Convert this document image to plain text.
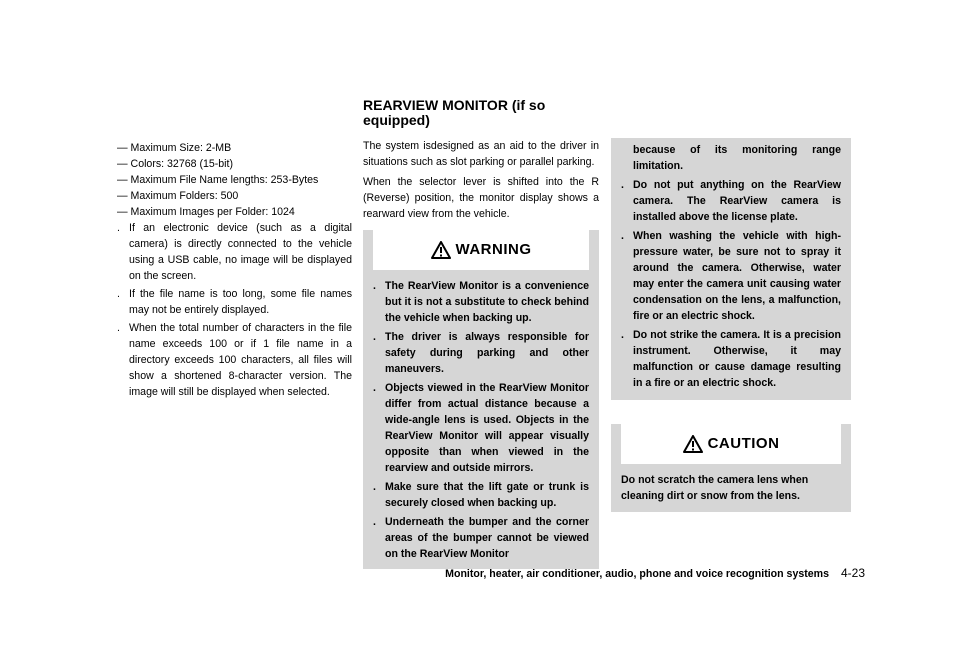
REARVIEW MONITOR (if so equipped)
— Maximum Size: 2-MB
— Colors: 32768 (15-bit)
— Maximum File Name lengths: 253-Bytes
— Maximum Folders: 500
— Maximum Images per Folder: 1024
. If an electronic device (such as a digital camera) is directly connected to the vehicle using a USB cable, no image will be displayed on the screen.
. If the file name is too long, some file names may not be entirely displayed.
. When the total number of characters in the file name exceeds 100 or if 1 file name in a directory exceeds 100 characters, all files will show a shortened 8-character version. The image will still be displayed when selected.

The system isdesigned as an aid to the driver in situations such as slot parking or parallel parking.

When the selector lever is shifted into the R (Reverse) position, the monitor display shows a rearward view from the vehicle.

WARNING
. The RearView Monitor is a convenience but it is not a substitute to check behind the vehicle when backing up.
. The driver is always responsible for safety during parking and other maneuvers.
. Objects viewed in the RearView Monitor differ from actual distance because a wide-angle lens is used. Objects in the RearView Monitor will appear visually opposite than when viewed in the rearview and outside mirrors.
. Make sure that the lift gate or trunk is securely closed when backing up.
. Underneath the bumper and the corner areas of the bumper cannot be viewed on the RearView Monitor
because of its monitoring range limitation.
. Do not put anything on the RearView camera. The RearView camera is installed above the license plate.
. When washing the vehicle with high-pressure water, be sure not to spray it around the camera. Otherwise, water may enter the camera unit causing water condensation on the lens, a malfunction, fire or an electric shock.
. Do not strike the camera. It is a precision instrument. Otherwise, it may malfunction or cause damage resulting in a fire or an electric shock.
CAUTION

Do not scratch the camera lens when cleaning dirt or snow from the lens.

Monitor, heater, air conditioner, audio, phone and voice recognition systems 4-23
